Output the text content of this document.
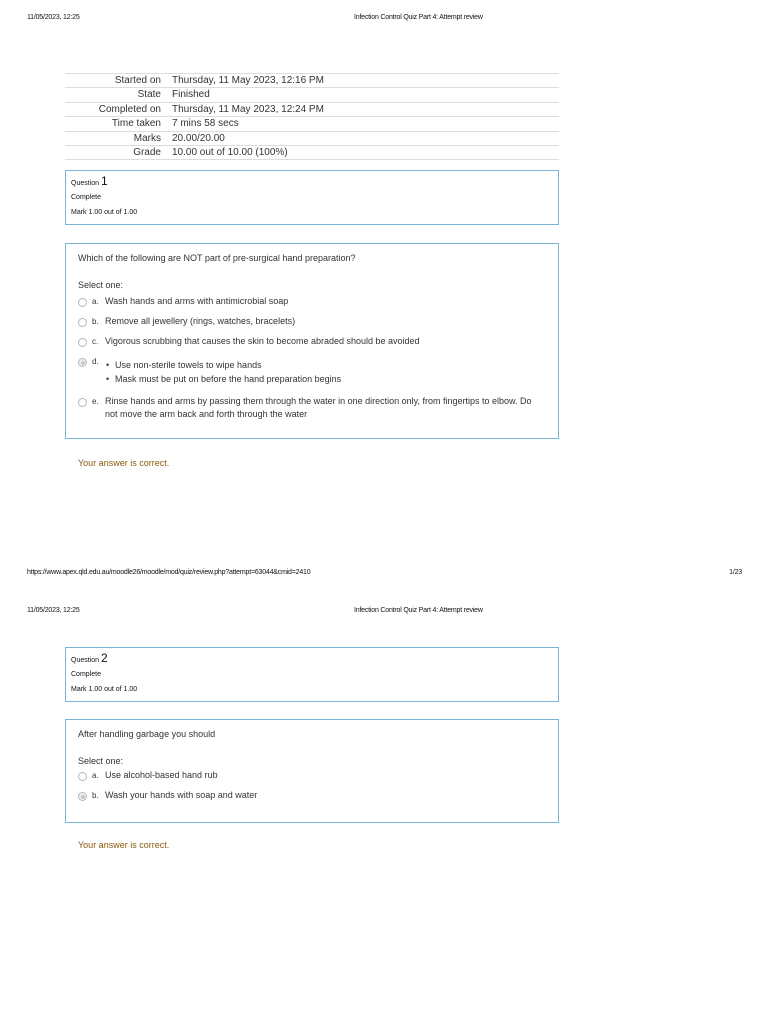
11/05/2023, 12:25	Infection Control Quiz Part 4: Attempt review
Started on	Thursday, 11 May 2023, 12:16 PM
State	Finished
Completed on	Thursday, 11 May 2023, 12:24 PM
Time taken	7 mins 58 secs
Marks	20.00/20.00
Grade	10.00 out of 10.00 (100%)
Question 1
Complete
Mark 1.00 out of 1.00
Which of the following are NOT part of pre-surgical hand preparation?
Select one:
a. Wash hands and arms with antimicrobial soap
b. Remove all jewellery (rings, watches, bracelets)
c. Vigorous scrubbing that causes the skin to become abraded should be avoided
d.	• Use non-sterile towels to wipe hands
• Mask must be put on before the hand preparation begins
e. Rinse hands and arms by passing them through the water in one direction only, from fingertips to elbow. Do not move the arm back and forth through the water
Your answer is correct.
https://www.apex.qld.edu.au/moodle26/moodle/mod/quiz/review.php?attempt=63044&cmid=2410	1/23
11/05/2023, 12:25	Infection Control Quiz Part 4: Attempt review
Question 2
Complete
Mark 1.00 out of 1.00
After handling garbage you should
Select one:
a. Use alcohol-based hand rub
b. Wash your hands with soap and water
Your answer is correct.
